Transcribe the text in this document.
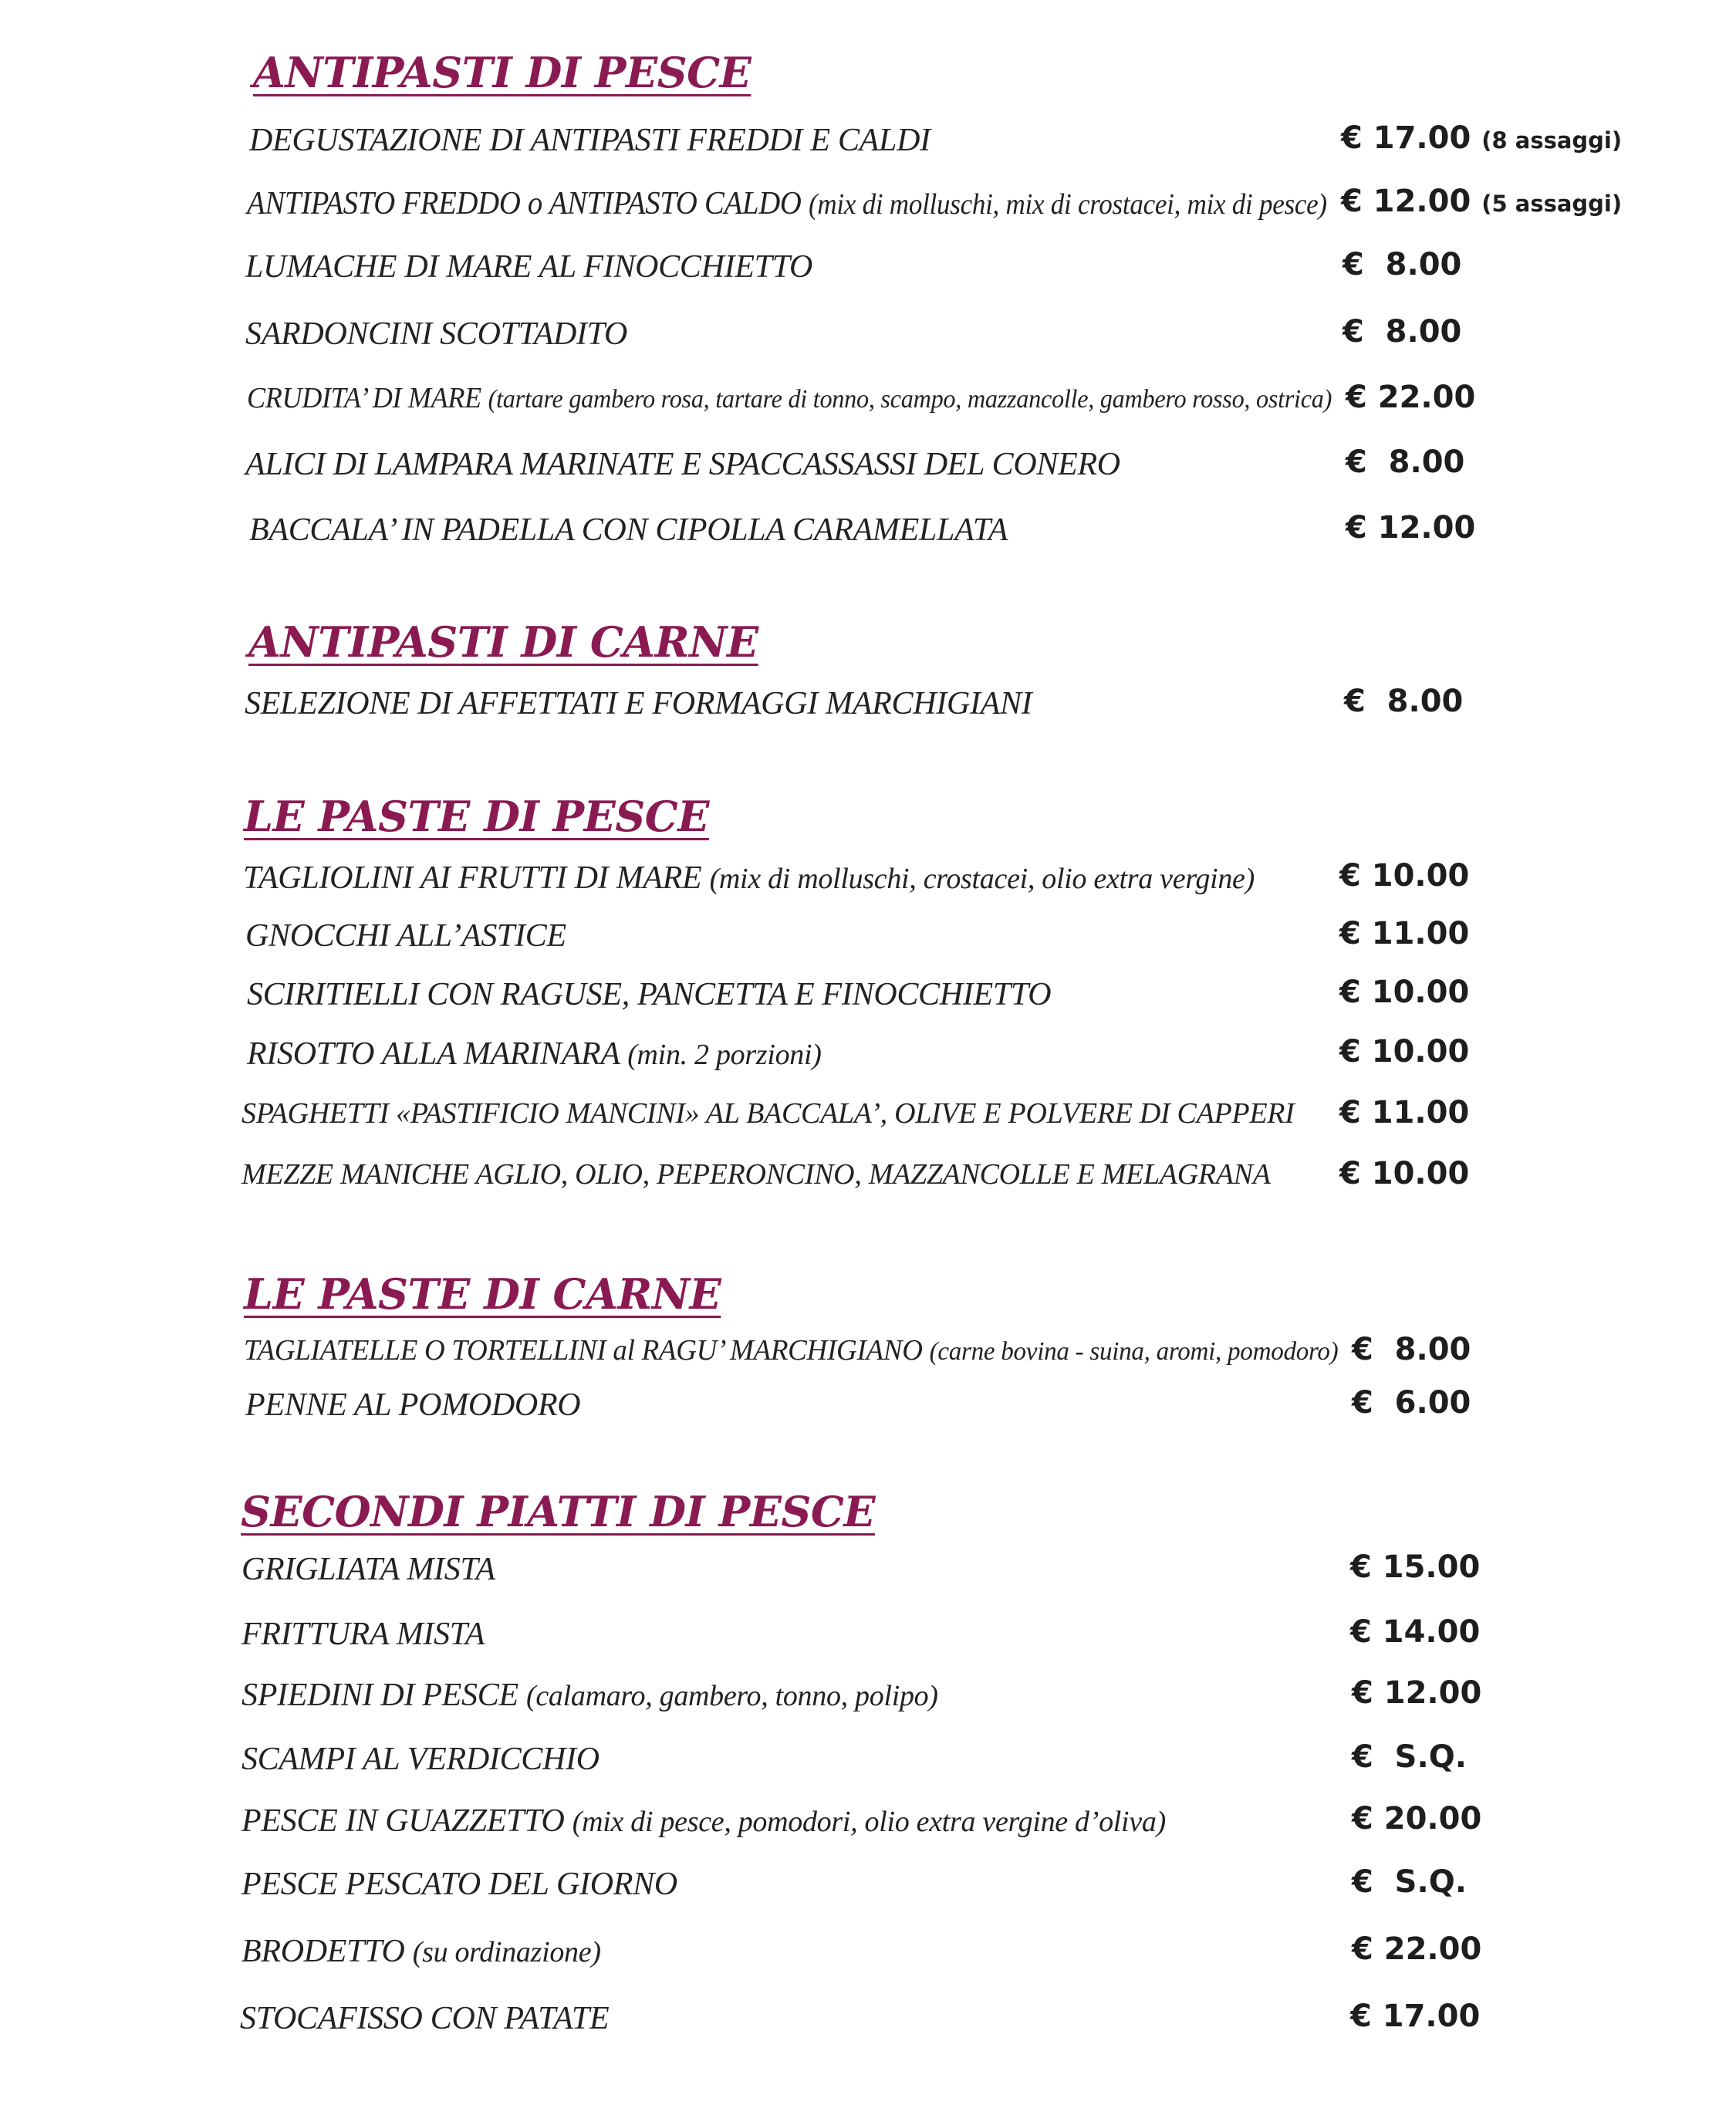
ANTIPASTI DI PESCE
DEGUSTAZIONE DI ANTIPASTI FREDDI E CALDI	€ 17.00 (8 assaggi)
ANTIPASTO FREDDO o ANTIPASTO CALDO (mix di molluschi, mix di crostacei, mix di pesce) € 12.00 (5 assaggi)
LUMACHE DI MARE AL FINOCCHIETTO	€  8.00
SARDONCINI SCOTTADITO	€  8.00
CRUDITA’ DI MARE (tartare gambero rosa, tartare di tonno, scampo, mazzancolle, gambero rosso, ostrica) € 22.00
ALICI DI LAMPARA MARINATE E SPACCASSASSI DEL CONERO	€  8.00
BACCALA’ IN PADELLA CON CIPOLLA CARAMELLATA	€ 12.00
ANTIPASTI DI CARNE
SELEZIONE DI AFFETTATI E FORMAGGI MARCHIGIANI	€  8.00
LE PASTE DI PESCE
TAGLIOLINI AI FRUTTI DI MARE (mix di molluschi, crostacei, olio extra vergine)	€ 10.00
GNOCCHI ALL’ASTICE	€ 11.00
SCIRITIELLI CON RAGUSE, PANCETTA E FINOCCHIETTO	€ 10.00
RISOTTO ALLA MARINARA (min. 2 porzioni)	€ 10.00
SPAGHETTI «PASTIFICIO MANCINI» AL BACCALA’, OLIVE E POLVERE DI CAPPERI € 11.00
MEZZE MANICHE AGLIO, OLIO, PEPERONCINO, MAZZANCOLLE E MELAGRANA € 10.00
LE PASTE DI CARNE
TAGLIATELLE O TORTELLINI al RAGU’ MARCHIGIANO (carne bovina - suina, aromi, pomodoro) €  8.00
PENNE AL POMODORO	€  6.00
SECONDI PIATTI DI PESCE
GRIGLIATA MISTA	€ 15.00
FRITTURA MISTA	€ 14.00
SPIEDINI DI PESCE (calamaro, gambero, tonno, polipo)	€ 12.00
SCAMPI AL VERDICCHIO	€  S.Q.
PESCE IN GUAZZETTO (mix di pesce, pomodori, olio extra vergine d’oliva)	€ 20.00
PESCE PESCATO DEL GIORNO	€  S.Q.
BRODETTO (su ordinazione)	€ 22.00
STOCAFISSO CON PATATE	€ 17.00
